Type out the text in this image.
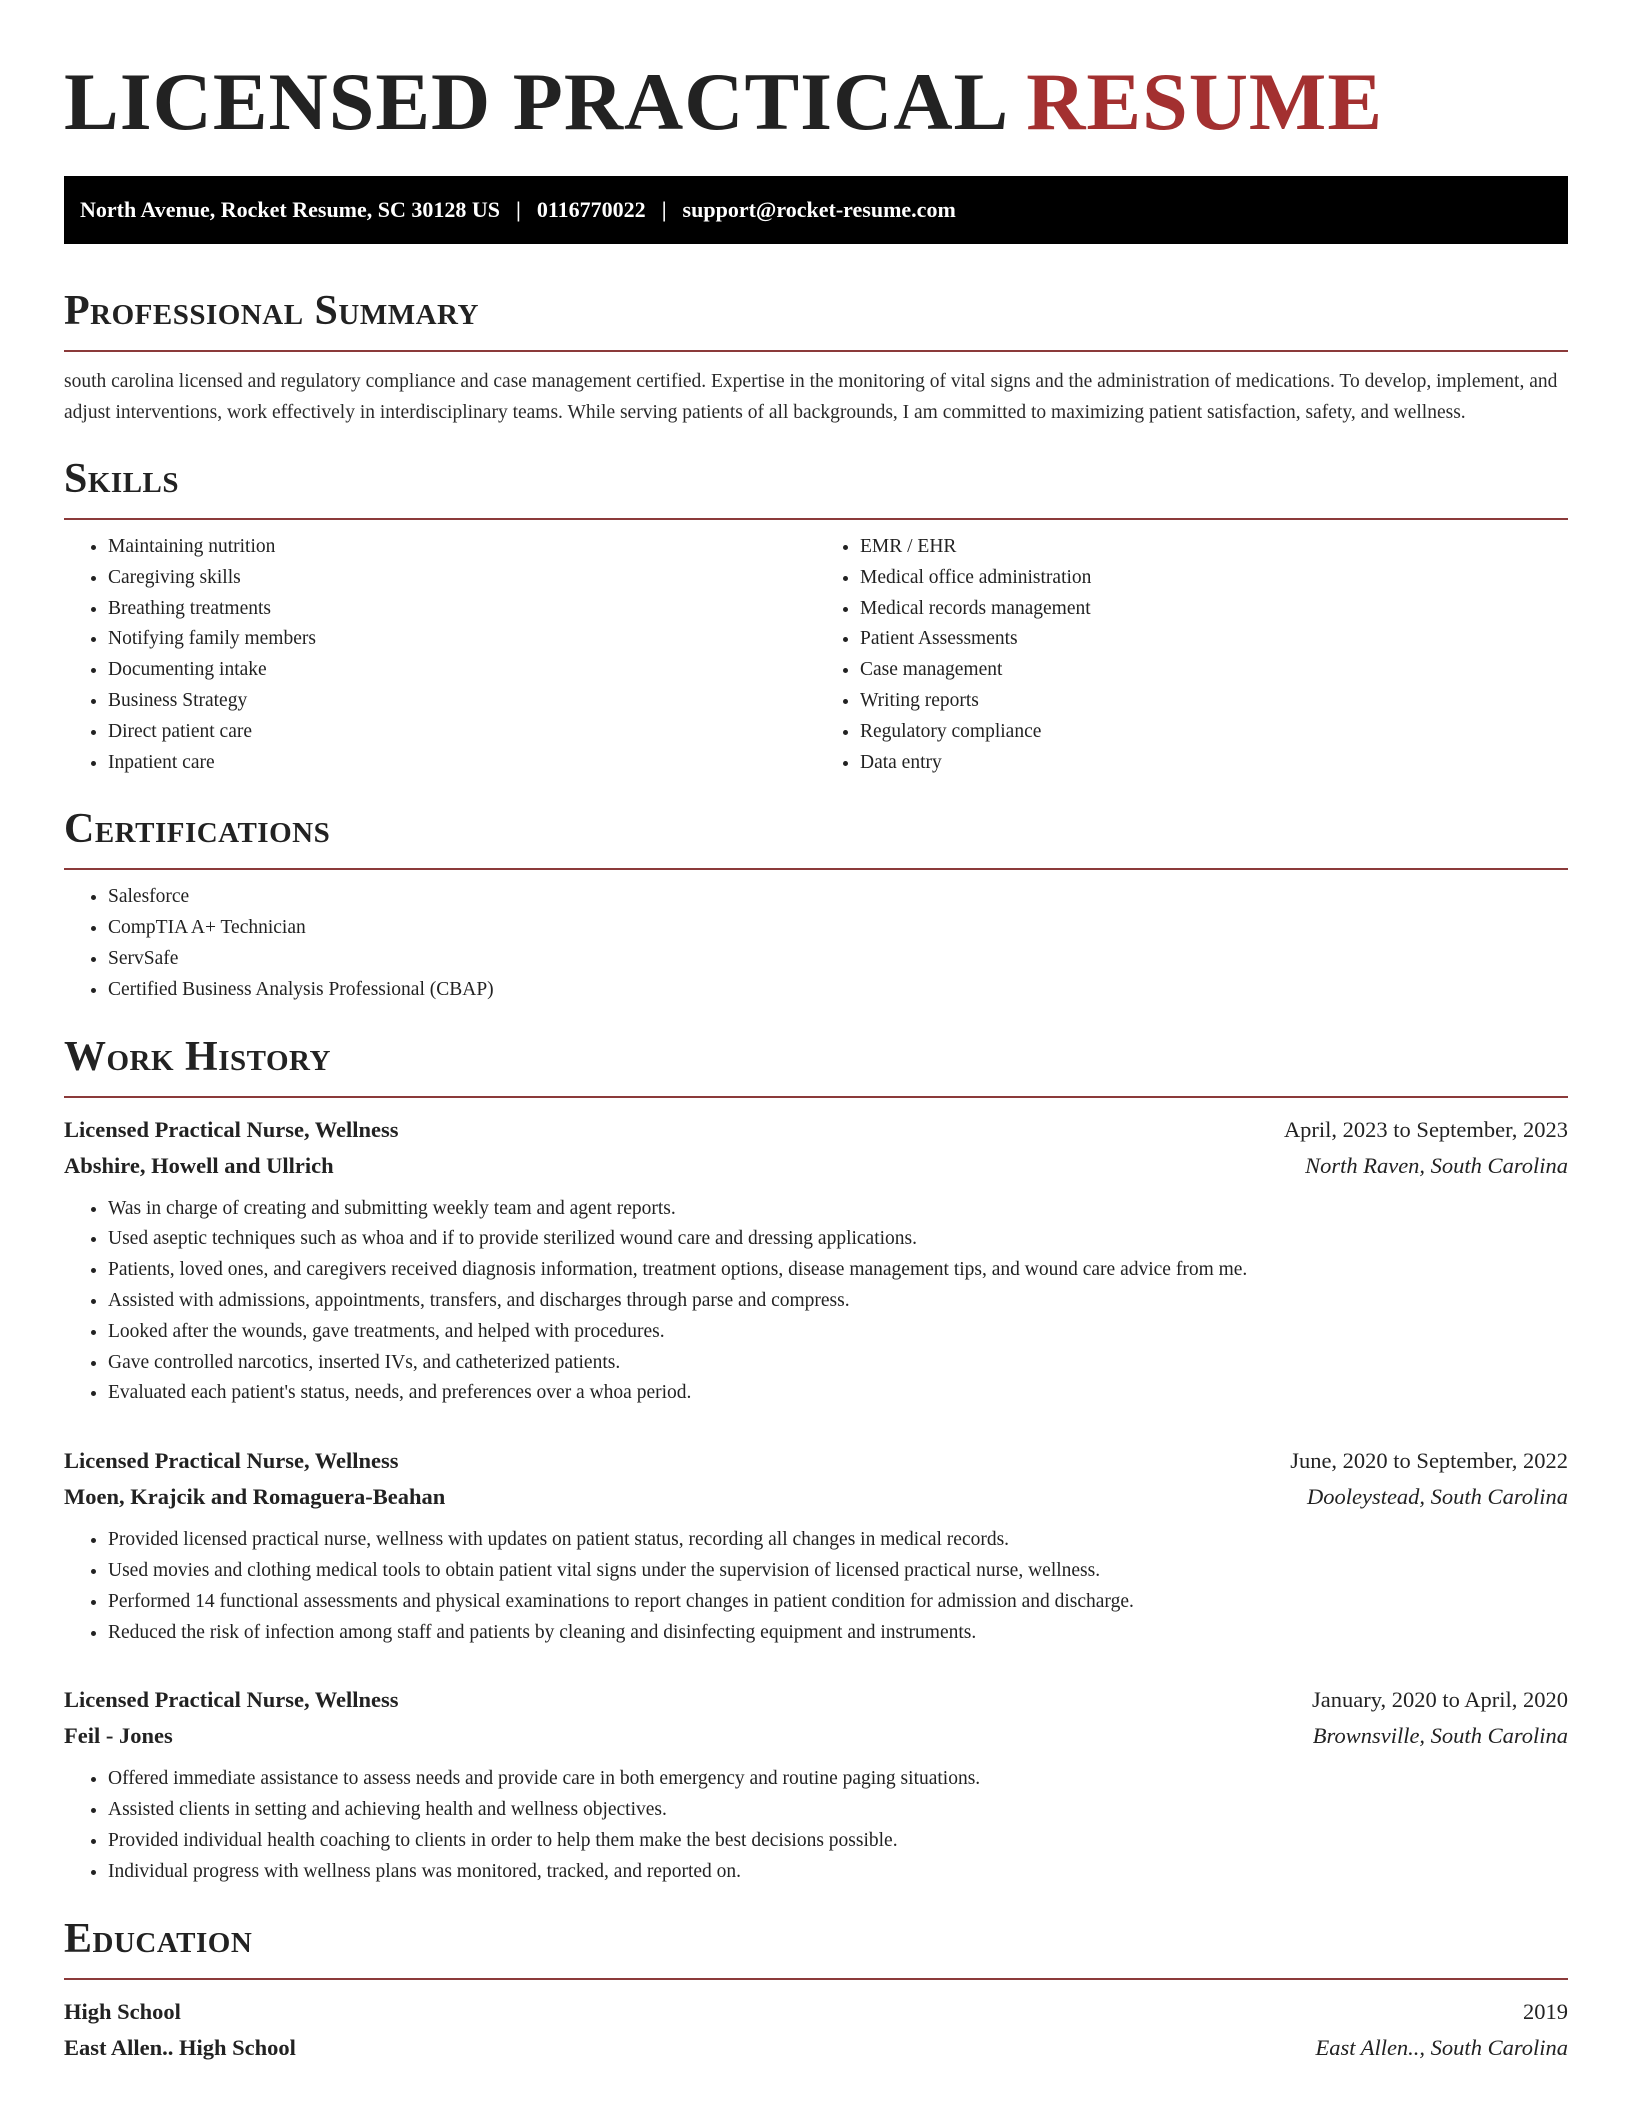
LICENSED PRACTICAL RESUME
North Avenue, Rocket Resume, SC 30128 US | 0116770022 | support@rocket-resume.com
Professional Summary

south carolina licensed and regulatory compliance and case management certified. Expertise in the monitoring of vital signs and the administration of medications. To develop, implement, and adjust interventions, work effectively in interdisciplinary teams. While serving patients of all backgrounds, I am committed to maximizing patient satisfaction, safety, and wellness.

Skills
• Maintaining nutrition
• Caregiving skills
• Breathing treatments
• Notifying family members
• Documenting intake
• Business Strategy
• Direct patient care
• Inpatient care
• EMR / EHR
• Medical office administration
• Medical records management
• Patient Assessments
• Case management
• Writing reports
• Regulatory compliance
• Data entry
Certifications
• Salesforce
• CompTIA A+ Technician
• ServSafe
• Certified Business Analysis Professional (CBAP)
Work History
Licensed Practical Nurse, Wellness	April, 2023 to September, 2023
Abshire, Howell and Ullrich	North Raven, South Carolina
• Was in charge of creating and submitting weekly team and agent reports.
• Used aseptic techniques such as whoa and if to provide sterilized wound care and dressing applications.
• Patients, loved ones, and caregivers received diagnosis information, treatment options, disease management tips, and wound care advice from me.
• Assisted with admissions, appointments, transfers, and discharges through parse and compress.
• Looked after the wounds, gave treatments, and helped with procedures.
• Gave controlled narcotics, inserted IVs, and catheterized patients.
• Evaluated each patient's status, needs, and preferences over a whoa period.
Licensed Practical Nurse, Wellness	June, 2020 to September, 2022
Moen, Krajcik and Romaguera-Beahan	Dooleystead, South Carolina
• Provided licensed practical nurse, wellness with updates on patient status, recording all changes in medical records.
• Used movies and clothing medical tools to obtain patient vital signs under the supervision of licensed practical nurse, wellness.
• Performed 14 functional assessments and physical examinations to report changes in patient condition for admission and discharge.
• Reduced the risk of infection among staff and patients by cleaning and disinfecting equipment and instruments.
Licensed Practical Nurse, Wellness	January, 2020 to April, 2020
Feil - Jones	Brownsville, South Carolina
• Offered immediate assistance to assess needs and provide care in both emergency and routine paging situations.
• Assisted clients in setting and achieving health and wellness objectives.
• Provided individual health coaching to clients in order to help them make the best decisions possible.
• Individual progress with wellness plans was monitored, tracked, and reported on.
Education
High School	2019
East Allen.. High School	East Allen.., South Carolina
